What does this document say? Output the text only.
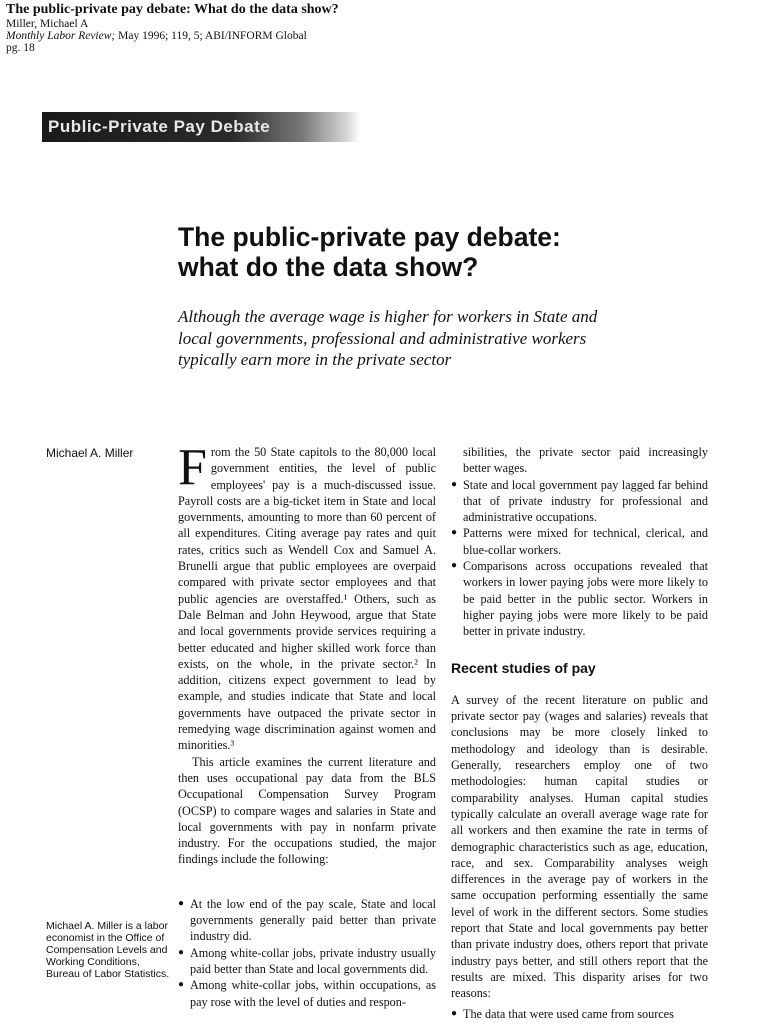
The public-private pay debate: What do the data show?
Miller, Michael A
Monthly Labor Review; May 1996; 119, 5; ABI/INFORM Global
pg. 18
Public-Private Pay Debate
The public-private pay debate:
what do the data show?
Although the average wage is higher for workers in State and local governments, professional and administrative workers typically earn more in the private sector
Michael A. Miller
Michael A. Miller is a labor economist in the Office of Compensation Levels and Working Conditions, Bureau of Labor Statistics.

From the 50 State capitols to the 80,000 local government entities, the level of public employees' pay is a much-discussed issue. Payroll costs are a big-ticket item in State and local governments, amounting to more than 60 percent of all expenditures. Citing average pay rates and quit rates, critics such as Wendell Cox and Samuel A. Brunelli argue that public employees are overpaid compared with private sector employees and that public agencies are overstaffed.¹ Others, such as Dale Belman and John Heywood, argue that State and local governments provide services requiring a better educated and higher skilled work force than exists, on the whole, in the private sector.² In addition, citizens expect government to lead by example, and studies indicate that State and local governments have outpaced the private sector in remedying wage discrimination against women and minorities.³

This article examines the current literature and then uses occupational pay data from the BLS Occupational Compensation Survey Program (OCSP) to compare wages and salaries in State and local governments with pay in nonfarm private industry. For the occupations studied, the major findings include the following:

● At the low end of the pay scale, State and local governments generally paid better than private industry did.
● Among white-collar jobs, private industry usually paid better than State and local governments did.
● Among white-collar jobs, within occupations, as pay rose with the level of duties and respon-

sibilities, the private sector paid increasingly better wages.

● State and local government pay lagged far behind that of private industry for professional and administrative occupations.
● Patterns were mixed for technical, clerical, and blue-collar workers.
● Comparisons across occupations revealed that workers in lower paying jobs were more likely to be paid better in the public sector. Workers in higher paying jobs were more likely to be paid better in private industry.
Recent studies of pay

A survey of the recent literature on public and private sector pay (wages and salaries) reveals that conclusions may be more closely linked to methodology and ideology than is desirable. Generally, researchers employ one of two methodologies: human capital studies or comparability analyses. Human capital studies typically calculate an overall average wage rate for all workers and then examine the rate in terms of demographic characteristics such as age, education, race, and sex. Comparability analyses weigh differences in the average pay of workers in the same occupation performing essentially the same level of work in the different sectors. Some studies report that State and local governments pay better than private industry does, others report that private industry pays better, and still others report that the results are mixed. This disparity arises for two reasons:

● The data that were used came from sources
